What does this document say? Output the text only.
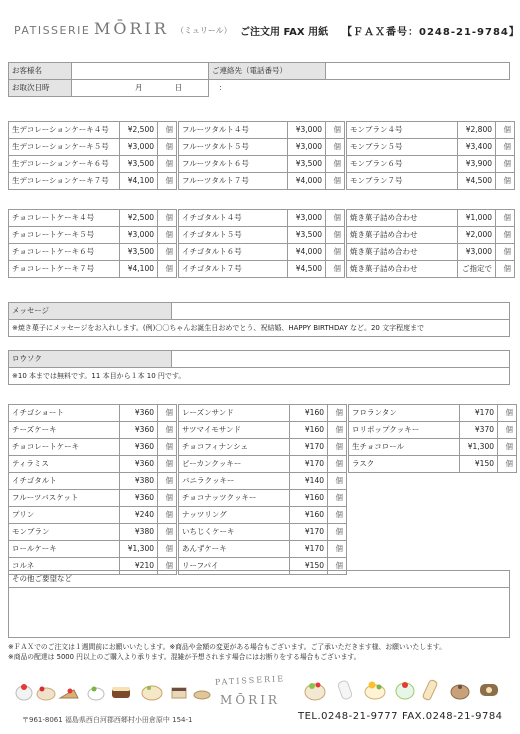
PATISSERIE MŌRIR （ミュリール） ご注文用 FAX 用紙 【ＦＡＸ番号：0248-21-9784】
お客様名		ご連絡先（電話番号）	
お取次日時	月 日 ：		
メッセージ	
※焼き菓子にメッセージをお入れします。(例)〇〇ちゃんお誕生日おめでとう、祝結婚、HAPPY BIRTHDAY など。20 文字程度まで
ロウソク	
※10 本までは無料です。11 本目から１本 10 円です。
その他ご要望など
※ＦＡＸでのご注文は１週間前にお願いいたします。※商品や金額の変更がある場合もございます。ご了承いただきます様、お願いいたします。
※商品の配達は 5000 円以上のご購入より承ります。混雑が予想されます場合にはお断りをする場合もございます。
PATISSERIE
MŌRIR
〒961-8061 福島県西白河郡西郷村小田倉原中 154-1	TEL.0248-21-9777 FAX.0248-21-9784
生デコレーションケーキ４号	¥2,500	個
生デコレーションケーキ５号	¥3,000	個
生デコレーションケーキ６号	¥3,500	個
生デコレーションケーキ７号	¥4,100	個
フルーツタルト４号	¥3,000	個
フルーツタルト５号	¥3,000	個
フルーツタルト６号	¥3,500	個
フルーツタルト７号	¥4,000	個
モンブラン４号	¥2,800	個
モンブラン５号	¥3,400	個
モンブラン６号	¥3,900	個
モンブラン７号	¥4,500	個
チョコレートケーキ４号	¥2,500	個
チョコレートケーキ５号	¥3,000	個
チョコレートケーキ６号	¥3,500	個
チョコレートケーキ７号	¥4,100	個
イチゴタルト４号	¥3,000	個
イチゴタルト５号	¥3,500	個
イチゴタルト６号	¥4,000	個
イチゴタルト７号	¥4,500	個
焼き菓子詰め合わせ	¥1,000	個
焼き菓子詰め合わせ	¥2,000	個
焼き菓子詰め合わせ	¥3,000	個
焼き菓子詰め合わせ	ご指定で	個
イチゴショート	¥360	個
チーズケーキ	¥360	個
チョコレートケーキ	¥360	個
ティラミス	¥360	個
イチゴタルト	¥380	個
フルーツバスケット	¥360	個
プリン	¥240	個
モンブラン	¥380	個
ロールケーキ	¥1,300	個
コルネ	¥210	個
レーズンサンド	¥160	個
サツマイモサンド	¥160	個
チョコフィナンシェ	¥170	個
ピーカンクッキー	¥170	個
バニラクッキー	¥140	個
チョコナッツクッキー	¥160	個
ナッツリング	¥160	個
いちじくケーキ	¥170	個
あんずケーキ	¥170	個
リーフパイ	¥150	個
フロランタン	¥170	個
ロリポップクッキー	¥370	個
生チョコロール	¥1,300	個
ラスク	¥150	個
